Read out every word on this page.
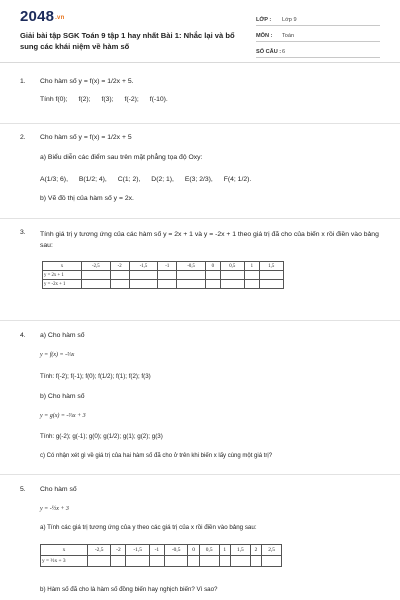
$2048^{.vn}$
Giải bài tập SGK Toán 9 tập 1 hay nhất Bài 1: Nhắc lại và bổ sung các khái niệm về hàm số
LỚP : Lớp 9
MÔN : Toán
SỐ CÂU : 6
1. Cho hàm số y = f(x) = 1/2x + 5.
Tính f(0); f(2); f(3); f(-2); f(-10).
2. Cho hàm số y = f(x) = 1/2x + 5
a) Biểu diễn các điểm sau trên mặt phẳng tọa độ Oxy:
A(1/3; 6), B(1/2; 4), C(1; 2), D(2; 1), E(3; 2/3), F(4; 1/2).
b) Vẽ đồ thị của hàm số y = 2x.
3. Tính giá trị y tương ứng của các hàm số y = 2x + 1 và y = -2x + 1 theo giá trị đã cho của biến x rồi điền vào bảng sau:
x	-2,5	-2	-1,5	-1	-0,5	0	0,5	1	1,5
y = 2x + 1									
y = -2x + 1									
4. a) Cho hàm số
y = f(x) = -⅔x
Tính: f(-2); f(-1); f(0); f(1/2); f(1); f(2); f(3)
b) Cho hàm số
y = g(x) = -⅔x + 3
Tính: g(-2); g(-1); g(0); g(1/2); g(1); g(2); g(3)
c) Có nhận xét gì về giá trị của hai hàm số đã cho ở trên khi biến x lấy cùng một giá trị?
5. Cho hàm số
y = -½x + 3
a) Tính các giá trị tương ứng của y theo các giá trị của x rồi điền vào bảng sau:
x	-2,5	-2	-1,5	-1	-0,5	0	0,5	1	1,5	2	2,5
y = ½x + 3											
b) Hàm số đã cho là hàm số đồng biến hay nghịch biến? Vì sao?
